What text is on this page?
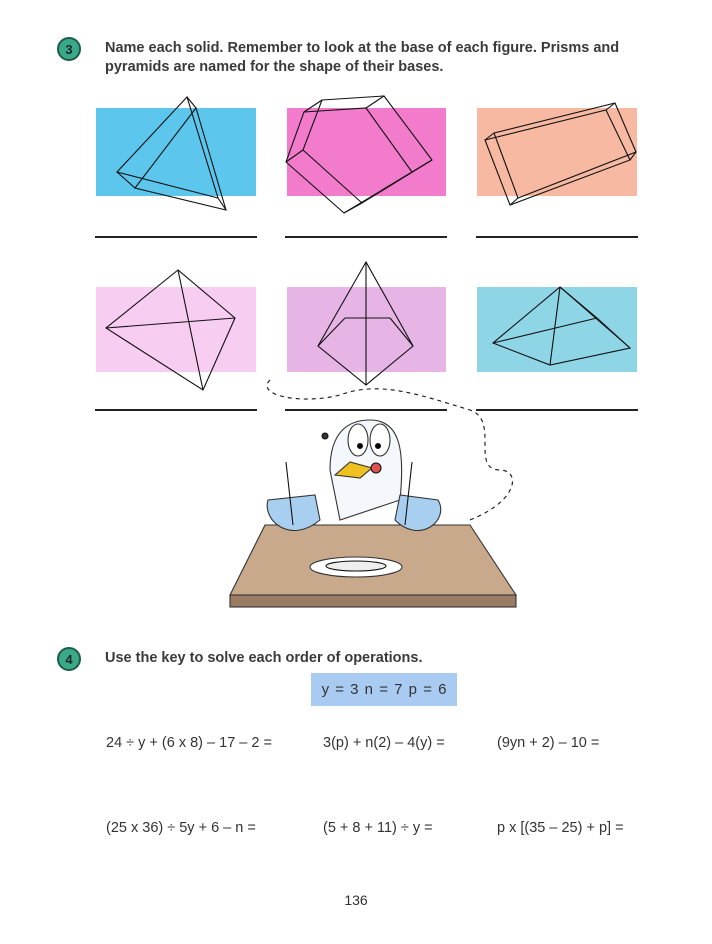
3	Name each solid. Remember to look at the base of each figure. Prisms and pyramids are named for the shape of their bases.
4	Use the key to solve each order of operations.
y = 3 n = 7 p = 6
24 ÷ y + (6 x 8) – 17 – 2 =	3(p) + n(2) – 4(y) =	(9yn + 2) – 10 =
(25 x 36) ÷ 5y + 6 – n =	(5 + 8 + 11) ÷ y =	p x [(35 – 25) + p] =
136
